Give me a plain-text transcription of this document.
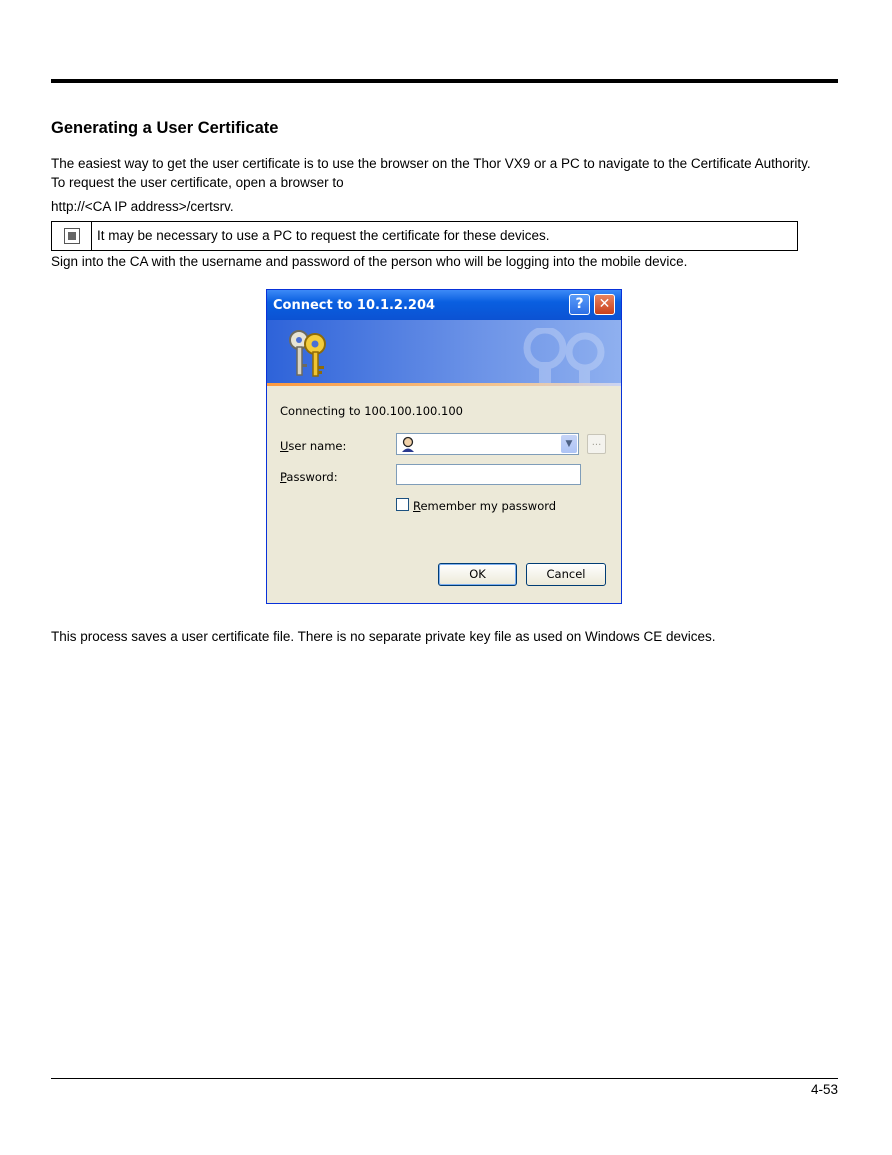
Generating a User Certificate

The easiest way to get the user certificate is to use the browser on the Thor VX9 or a PC to navigate to the Certificate Authority. To request the user certificate, open a browser to

http://<CA IP address>/certsrv.

It may be necessary to use a PC to request the certificate for these devices.

Sign into the CA with the username and password of the person who will be logging into the mobile device.

Connect to 10.1.2.204	?	✕
Connecting to 100.100.100.100
User name:	▼	...
Password:
Remember my password
OK	Cancel

This process saves a user certificate file. There is no separate private key file as used on Windows CE devices.

4-53
